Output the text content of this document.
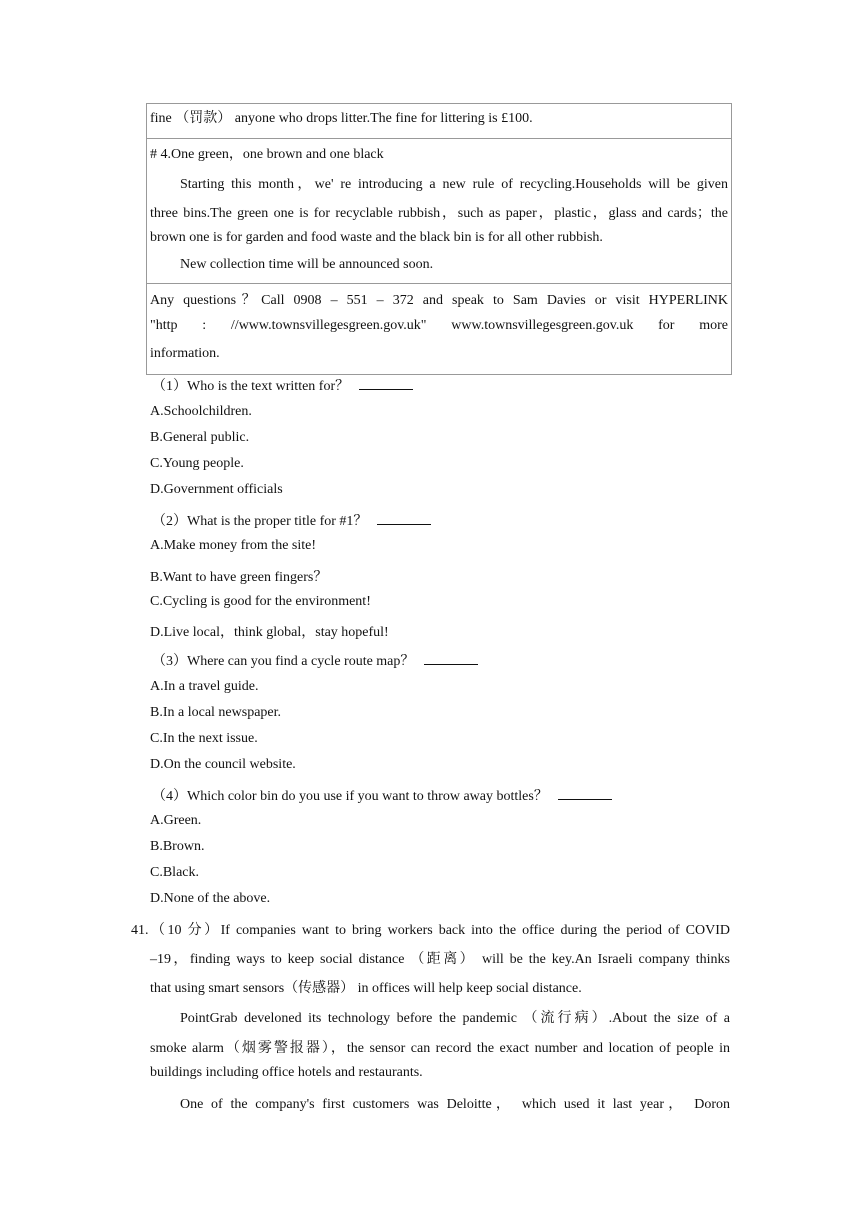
fine （罚款） anyone who drops litter.The fine for littering is £100.
# 4.One green，one brown and one black
Starting this month，we' re introducing a new rule of recycling.Households will be given
three bins.The green one is for recyclable rubbish，such as paper，plastic，glass and cards；the
brown one is for garden and food waste and the black bin is for all other rubbish.
New collection time will be announced soon.
Any questions？Call 0908 – 551 – 372 and speak to Sam Davies or visit HYPERLINK
"http : //www.townsvillegesgreen.gov.uk" www.townsvillegesgreen.gov.uk for more
information.
（1）Who is the text written for？
A.Schoolchildren.
B.General public.
C.Young people.
D.Government officials
（2）What is the proper title for #1？
A.Make money from the site!
B.Want to have green fingers？
C.Cycling is good for the environment!
D.Live local，think global，stay hopeful!
（3）Where can you find a cycle route map？
A.In a travel guide.
B.In a local newspaper.
C.In the next issue.
D.On the council website.
（4）Which color bin do you use if you want to throw away bottles？
A.Green.
B.Brown.
C.Black.
D.None of the above.
41.（10 分）If companies want to bring workers back into the office during the period of COVID
–19，finding ways to keep social distance （距离） will be the key.An Israeli company thinks
that using smart sensors（传感器） in offices will help keep social distance.
PointGrab develoned its technology before the pandemic （流行病）.About the size of a
smoke alarm（烟雾警报器），the sensor can record the exact number and location of people in
buildings including office hotels and restaurants.
One of the company's first customers was Deloitte， which used it last year， Doron
